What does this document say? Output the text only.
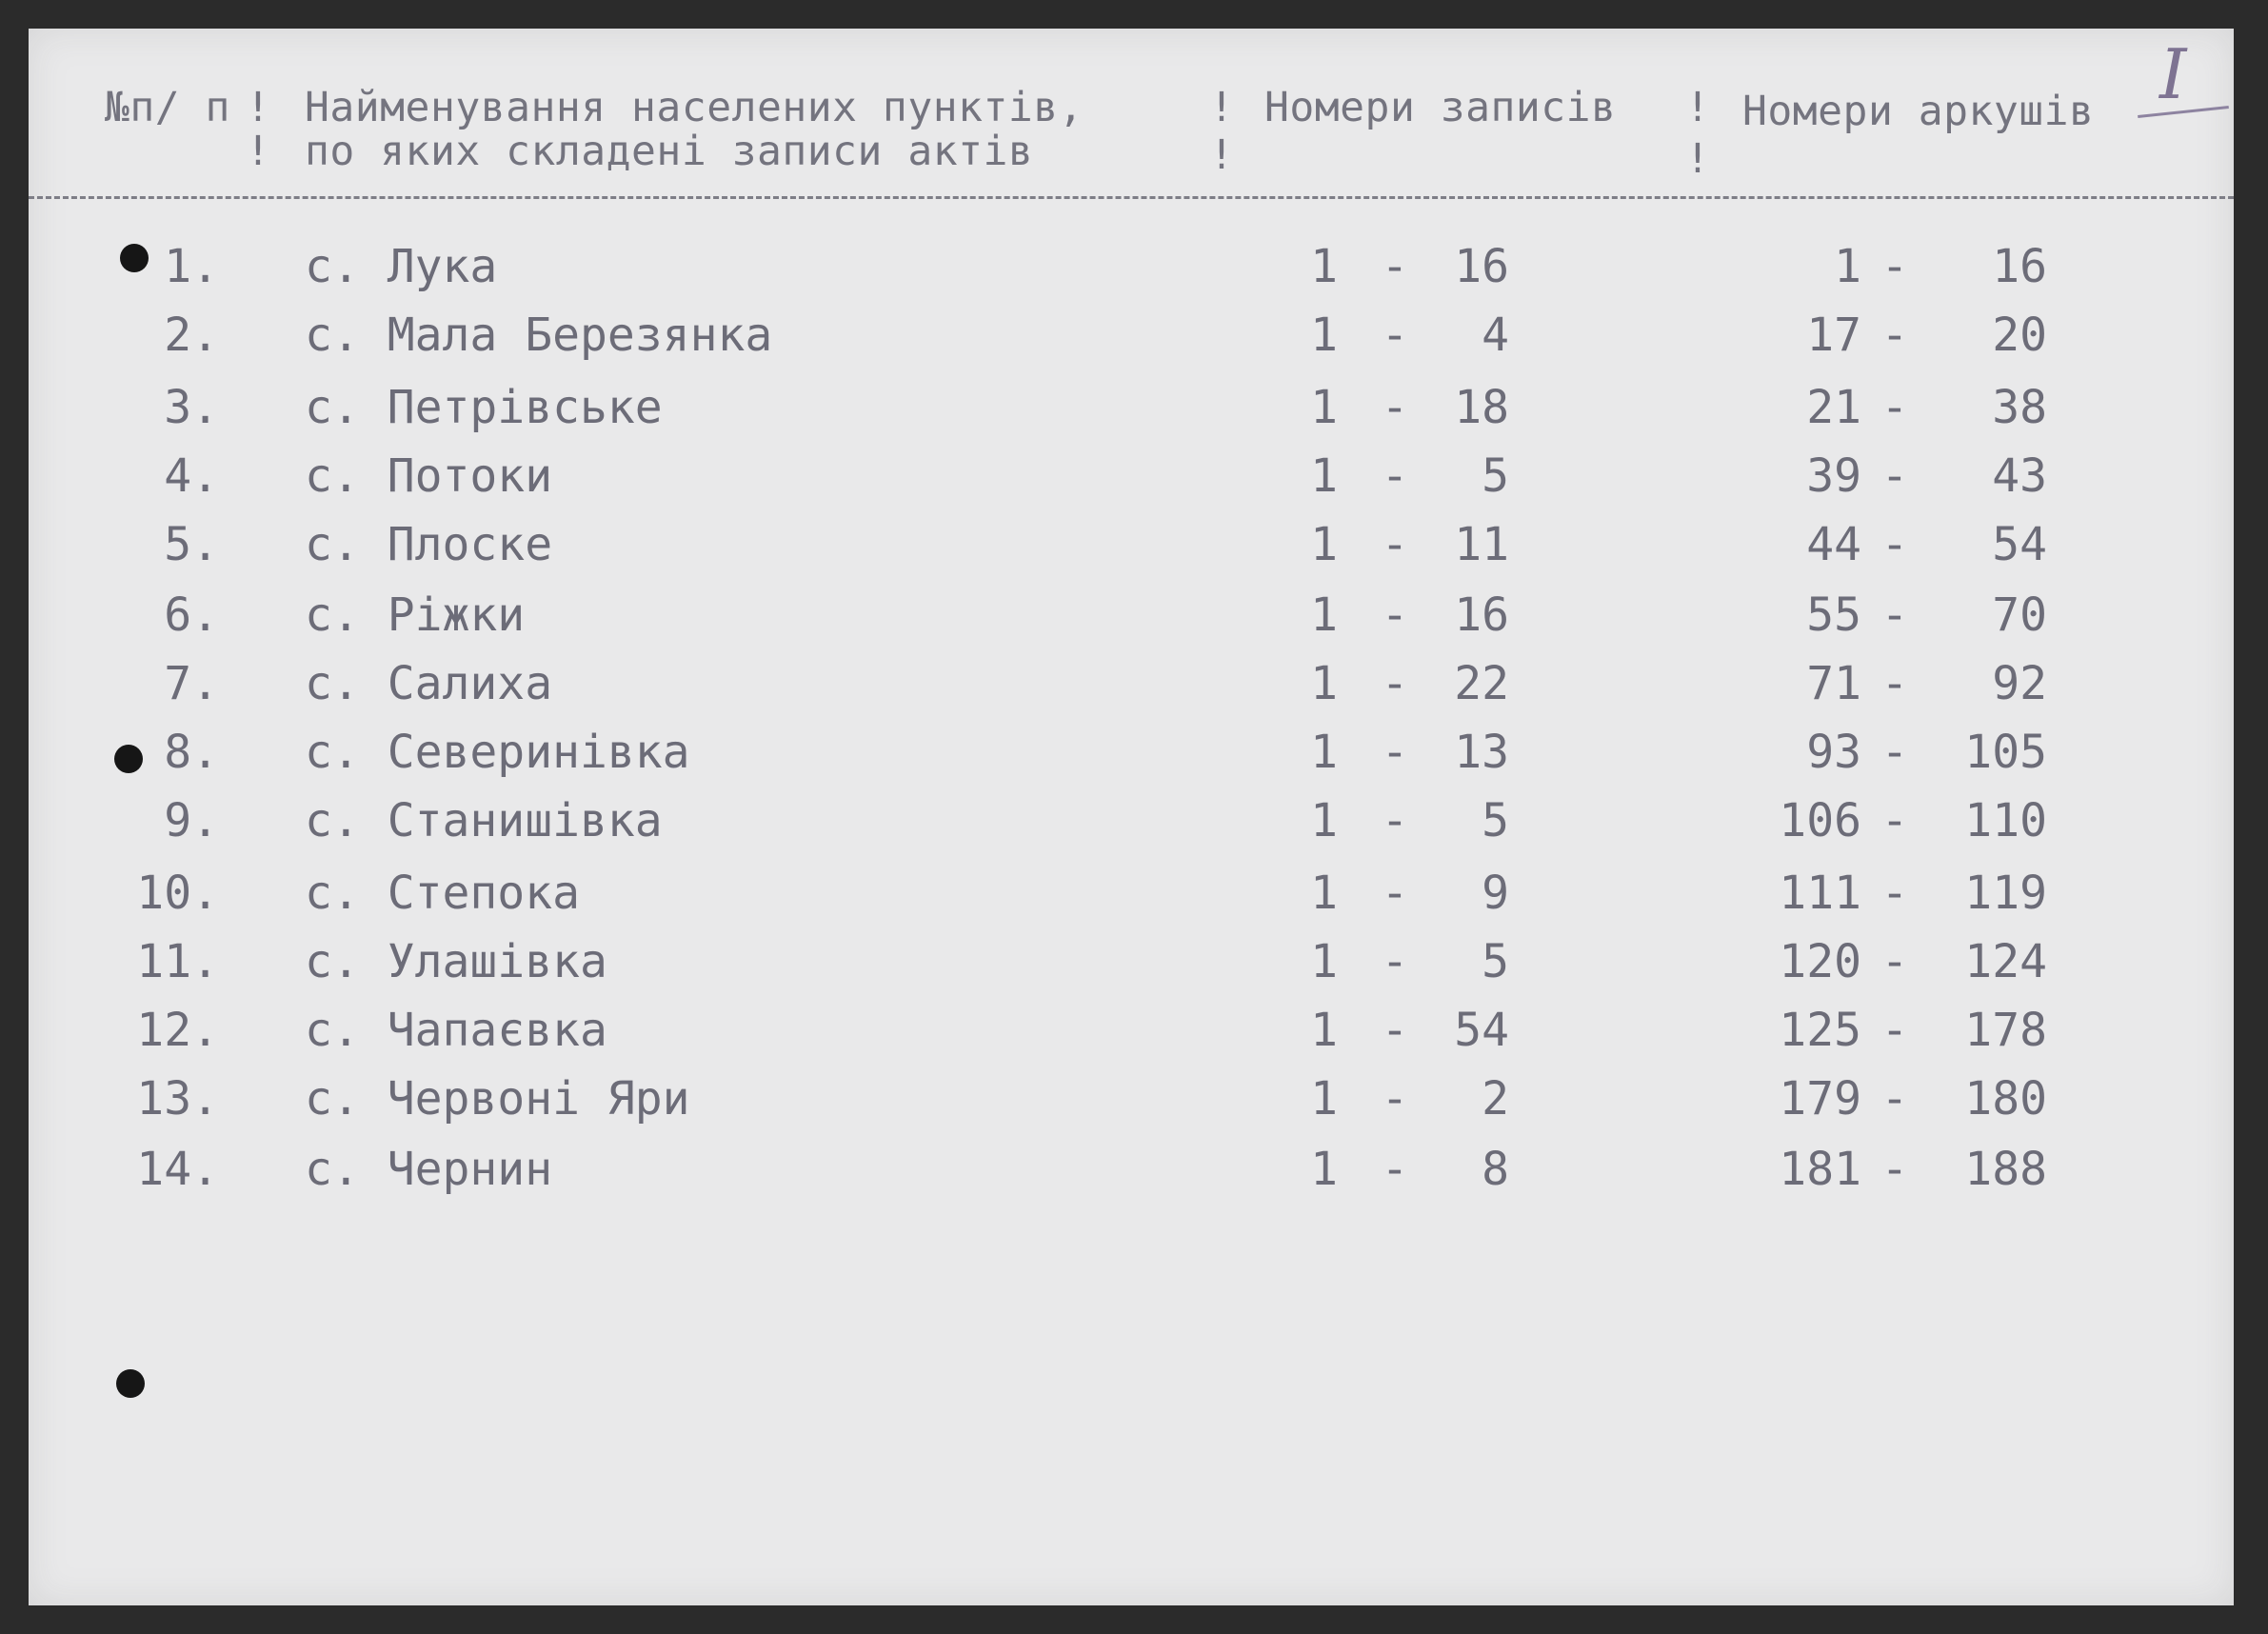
I
№п/ п !
!
Найменування населених пунктів,
по яких складені записи актів
!
!
Номери записів !
!
Номери аркушів
1. с. Лука	1 - 16	1 -	16
2. с. Мала Березянка	1 -	4	17 -	20
3. с. Петрівське	1 - 18	21 -	38
4. с. Потоки	1 -	5	39 -	43
5. с. Плоске	1 - 11	44 -	54
6. с. Ріжки	1 - 16	55 -	70
7. с. Салиха	1 - 22	71 -	92
8. с. Северинівка	1 - 13	93 -	105
9. с. Станишівка	1 -	5	106 -	110
10. с. Степока	1 -	9	111 -	119
11. с. Улашівка	1 -	5	120 -	124
12. с. Чапаєвка	1 - 54	125 -	178
13. с. Червоні Яри	1 -	2	179 -	180
14. с. Чернин	1 -	8	181 -	188
